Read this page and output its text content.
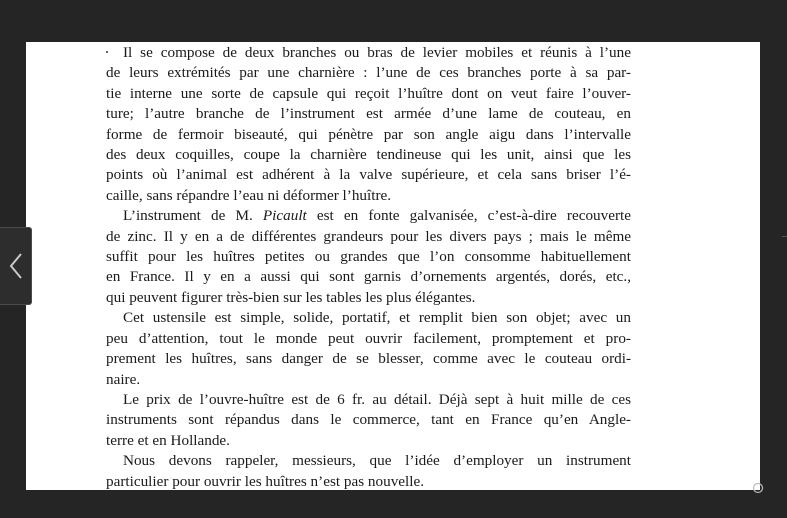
Il se compose de deux branches ou bras de levier mobiles et réunis à l’une
de leurs extrémités par une charnière : l’une de ces branches porte à sa par-
tie interne une sorte de capsule qui reçoit l’huître dont on veut faire l’ouver-
ture; l’autre branche de l’instrument est armée d’une lame de couteau, en
forme de fermoir biseauté, qui pénètre par son angle aigu dans l’intervalle
des deux coquilles, coupe la charnière tendineuse qui les unit, ainsi que les
points où l’animal est adhérent à la valve supérieure, et cela sans briser l’é-
caille, sans répandre l’eau ni déformer l’huître.

L’instrument de M. Picault est en fonte galvanisée, c’est-à-dire recouverte
de zinc. Il y en a de différentes grandeurs pour les divers pays ; mais le même
suffit pour les huîtres petites ou grandes que l’on consomme habituellement
en France. Il y en a aussi qui sont garnis d’ornements argentés, dorés, etc.,
qui peuvent figurer très-bien sur les tables les plus élégantes.

Cet ustensile est simple, solide, portatif, et remplit bien son objet; avec un
peu d’attention, tout le monde peut ouvrir facilement, promptement et pro-
prement les huîtres, sans danger de se blesser, comme avec le couteau ordi-
naire.

Le prix de l’ouvre-huître est de 6 fr. au détail. Déjà sept à huit mille de ces
instruments sont répandus dans le commerce, tant en France qu’en Angle-
terre et en Hollande.

Nous devons rappeler, messieurs, que l’idée d’employer un instrument
particulier pour ouvrir les huîtres n’est pas nouvelle.
